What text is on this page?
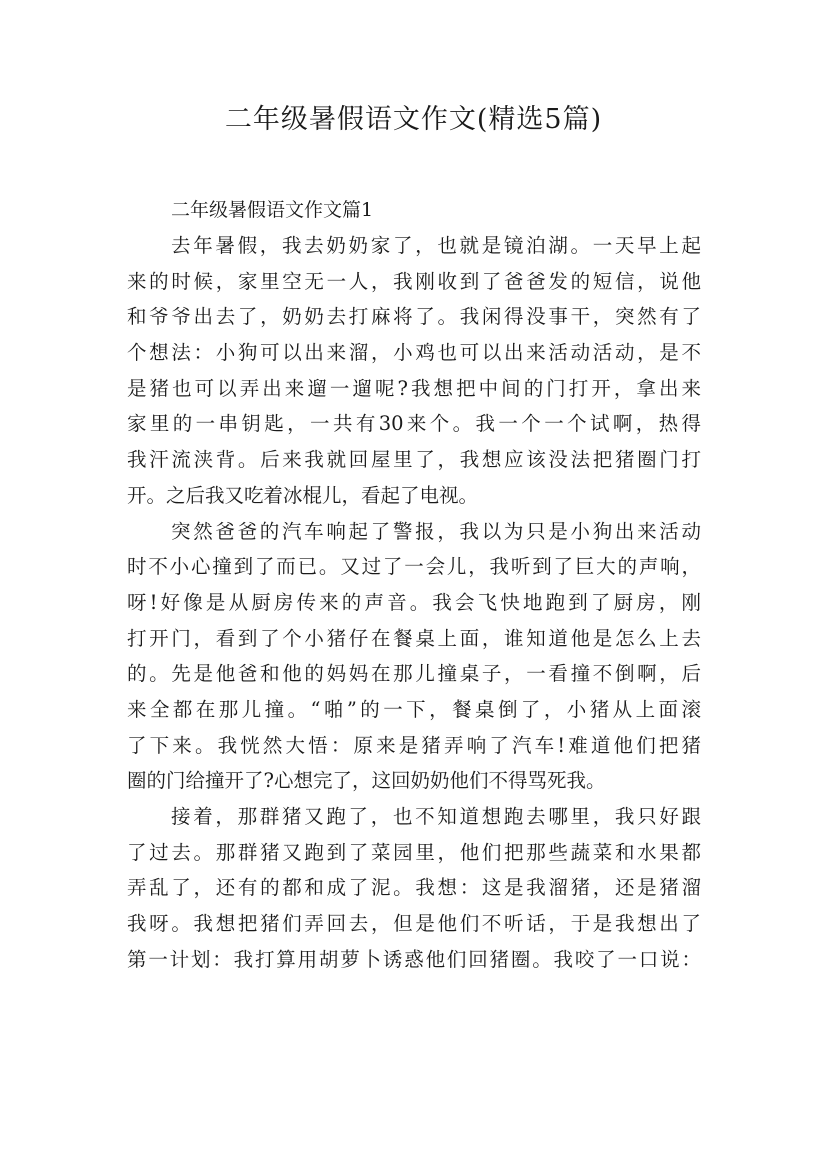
二年级暑假语文作文(精选5篇)

二年级暑假语文作文篇1

去年暑假，我去奶奶家了，也就是镜泊湖。一天早上起
来的时候，家里空无一人，我刚收到了爸爸发的短信，说他
和爷爷出去了，奶奶去打麻将了。我闲得没事干，突然有了
个想法：小狗可以出来溜，小鸡也可以出来活动活动，是不
是猪也可以弄出来遛一遛呢?我想把中间的门打开，拿出来
家里的一串钥匙，一共有30来个。我一个一个试啊，热得
我汗流浃背。后来我就回屋里了，我想应该没法把猪圈门打
开。之后我又吃着冰棍儿，看起了电视。
突然爸爸的汽车响起了警报，我以为只是小狗出来活动
时不小心撞到了而已。又过了一会儿，我听到了巨大的声响，
呀!好像是从厨房传来的声音。我会飞快地跑到了厨房，刚
打开门，看到了个小猪仔在餐桌上面，谁知道他是怎么上去
的。先是他爸和他的妈妈在那儿撞桌子，一看撞不倒啊，后
来全都在那儿撞。“啪”的一下，餐桌倒了，小猪从上面滚
了下来。我恍然大悟：原来是猪弄响了汽车!难道他们把猪
圈的门给撞开了?心想完了，这回奶奶他们不得骂死我。
接着，那群猪又跑了，也不知道想跑去哪里，我只好跟
了过去。那群猪又跑到了菜园里，他们把那些蔬菜和水果都
弄乱了，还有的都和成了泥。我想：这是我溜猪，还是猪溜
我呀。我想把猪们弄回去，但是他们不听话，于是我想出了
第一计划：我打算用胡萝卜诱惑他们回猪圈。我咬了一口说：
